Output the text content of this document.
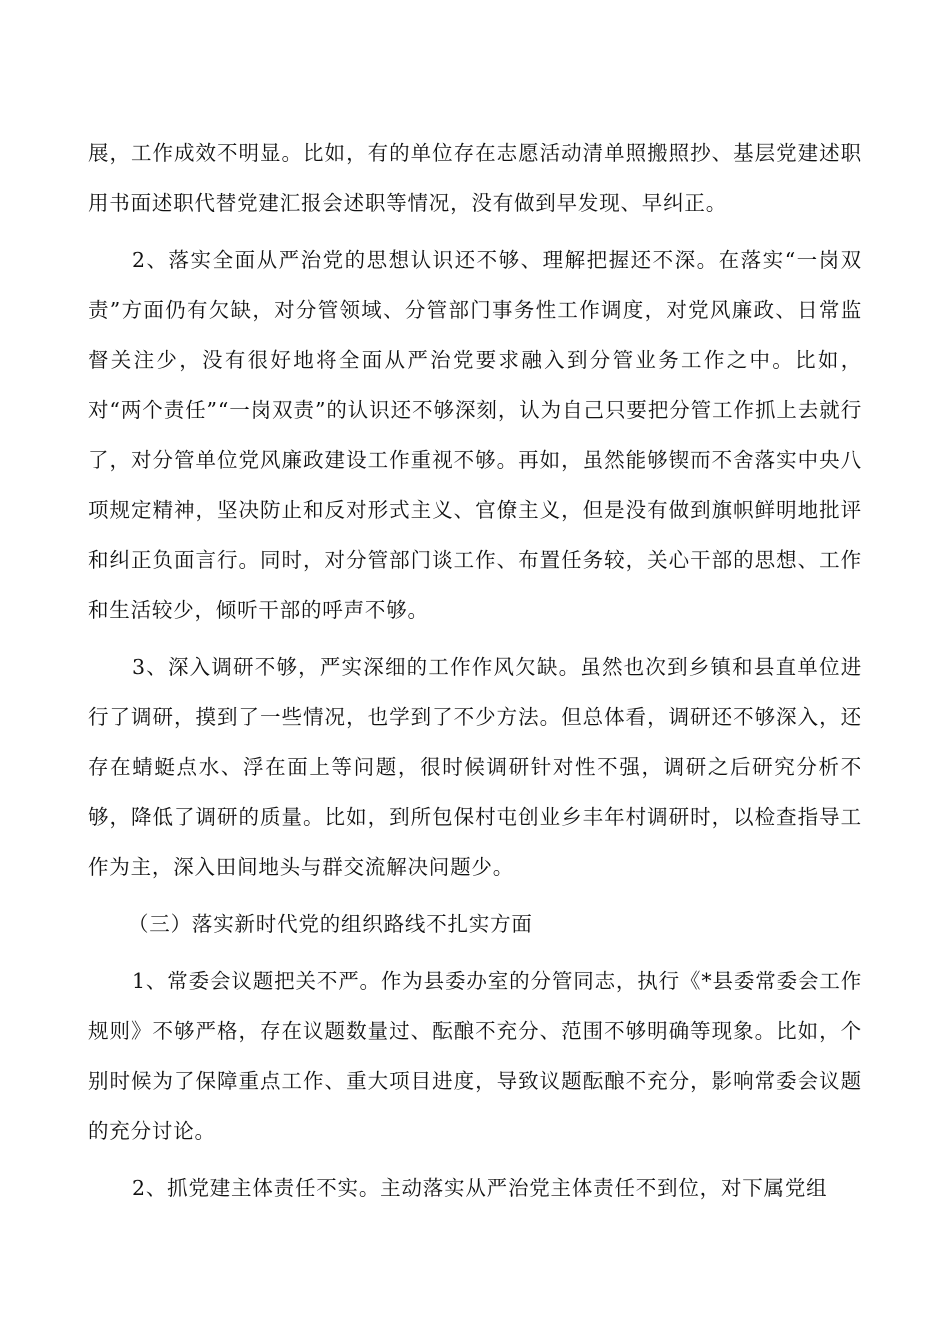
展，工作成效不明显。比如，有的单位存在志愿活动清单照搬照抄、基层党建述职用书面述职代替党建汇报会述职等情况，没有做到早发现、早纠正。

2、落实全面从严治党的思想认识还不够、理解把握还不深。在落实“一岗双责”方面仍有欠缺，对分管领域、分管部门事务性工作调度，对党风廉政、日常监督关注少，没有很好地将全面从严治党要求融入到分管业务工作之中。比如，对“两个责任”“一岗双责”的认识还不够深刻，认为自己只要把分管工作抓上去就行了，对分管单位党风廉政建设工作重视不够。再如，虽然能够锲而不舍落实中央八项规定精神，坚决防止和反对形式主义、官僚主义，但是没有做到旗帜鲜明地批评和纠正负面言行。同时，对分管部门谈工作、布置任务较，关心干部的思想、工作和生活较少，倾听干部的呼声不够。

3、深入调研不够，严实深细的工作作风欠缺。虽然也次到乡镇和县直单位进行了调研，摸到了一些情况，也学到了不少方法。但总体看，调研还不够深入，还存在蜻蜓点水、浮在面上等问题，很时候调研针对性不强，调研之后研究分析不够，降低了调研的质量。比如，到所包保村屯创业乡丰年村调研时，以检查指导工作为主，深入田间地头与群交流解决问题少。

（三）落实新时代党的组织路线不扎实方面

1、常委会议题把关不严。作为县委办室的分管同志，执行《*县委常委会工作规则》不够严格，存在议题数量过、酝酿不充分、范围不够明确等现象。比如，个别时候为了保障重点工作、重大项目进度，导致议题酝酿不充分，影响常委会议题的充分讨论。

2、抓党建主体责任不实。主动落实从严治党主体责任不到位，对下属党组
